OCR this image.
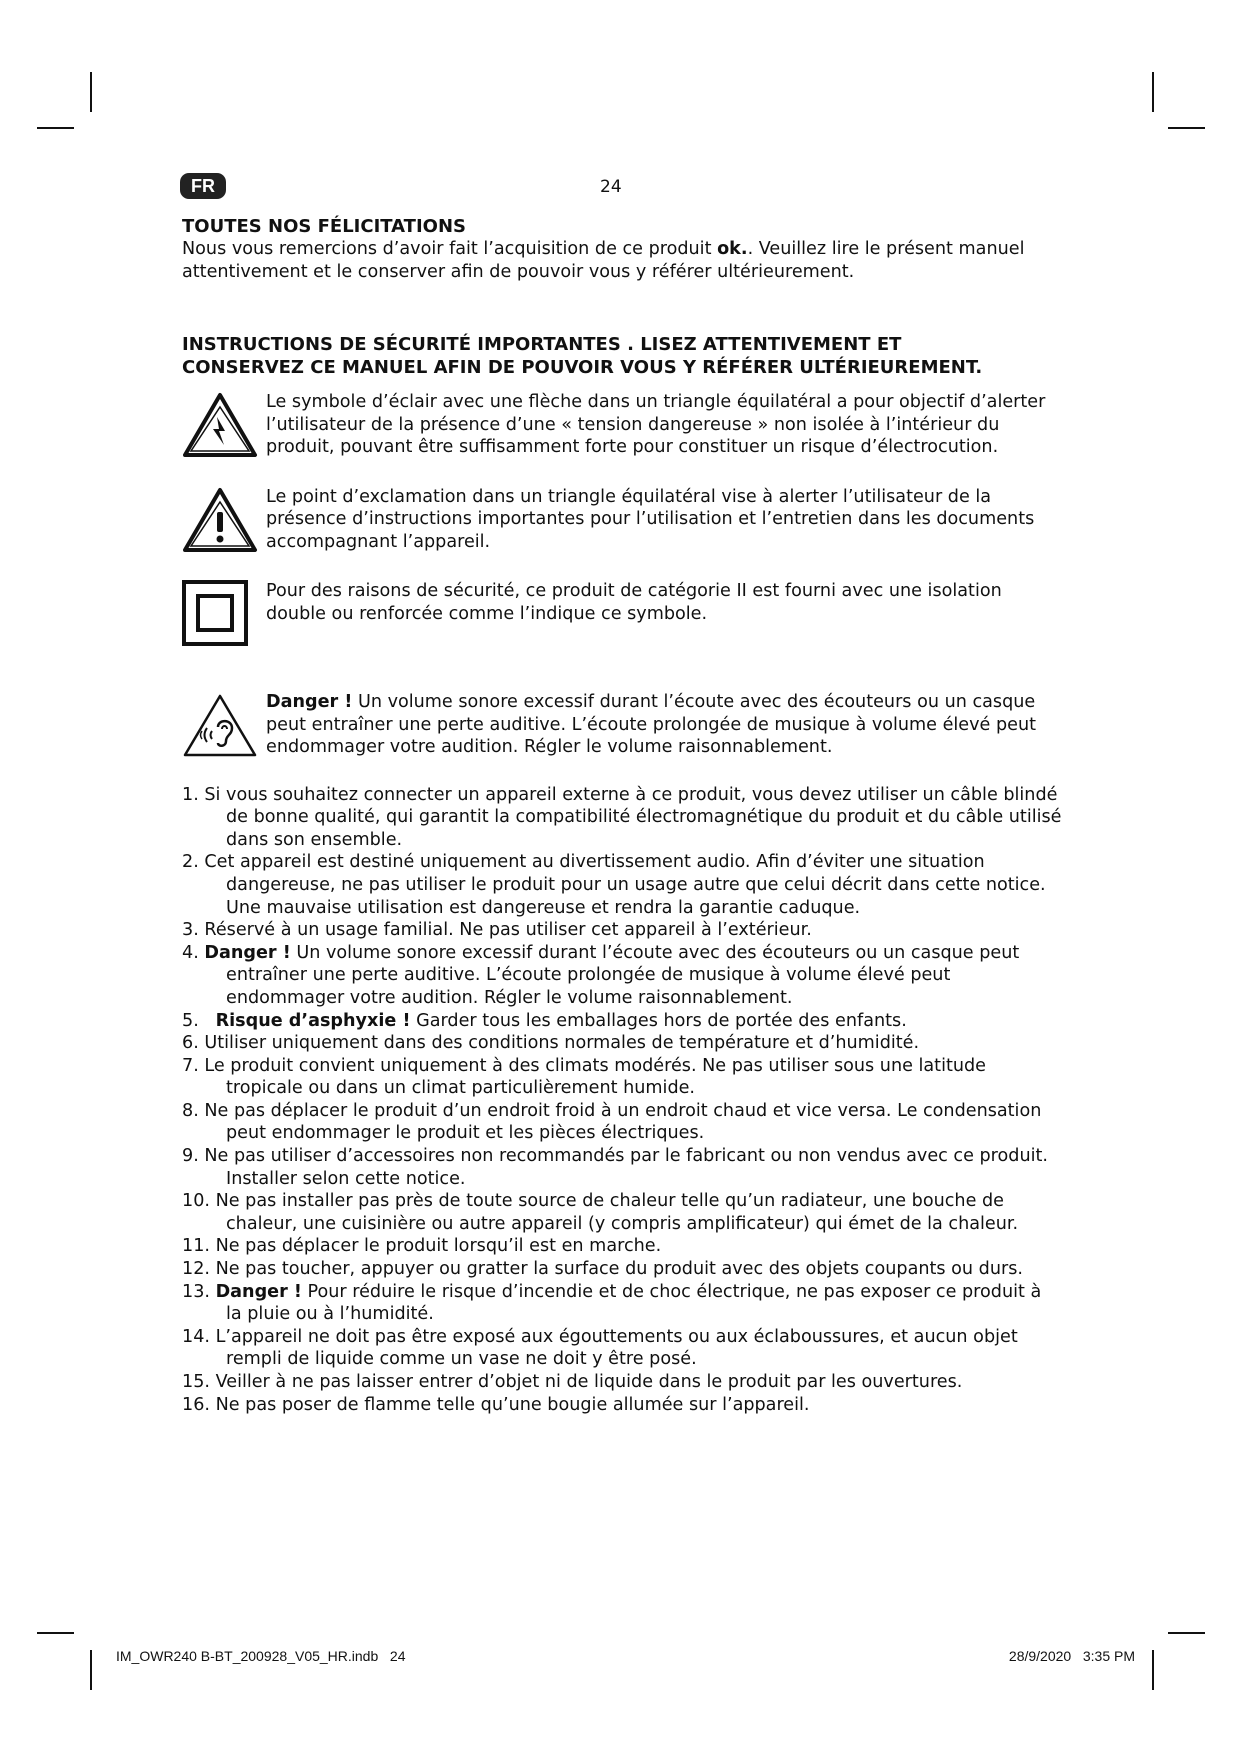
FR	24
TOUTES NOS FÉLICITATIONS

Nous vous remercions d’avoir fait l’acquisition de ce produit ok.. Veuillez lire le présent manuel attentivement et le conserver afin de pouvoir vous y référer ultérieurement.

INSTRUCTIONS DE SÉCURITÉ IMPORTANTES . LISEZ ATTENTIVEMENT ET
CONSERVEZ CE MANUEL AFIN DE POUVOIR VOUS Y RÉFÉRER ULTÉRIEUREMENT.
Le symbole d’éclair avec une flèche dans un triangle équilatéral a pour objectif d’alerter l’utilisateur de la présence d’une « tension dangereuse » non isolée à l’intérieur du produit, pouvant être suffisamment forte pour constituer un risque d’électrocution.
Le point d’exclamation dans un triangle équilatéral vise à alerter l’utilisateur de la présence d’instructions importantes pour l’utilisation et l’entretien dans les documents accompagnant l’appareil.
Pour des raisons de sécurité, ce produit de catégorie II est fourni avec une isolation double ou renforcée comme l’indique ce symbole.
Danger ! Un volume sonore excessif durant l’écoute avec des écouteurs ou un casque peut entraîner une perte auditive. L’écoute prolongée de musique à volume élevé peut endommager votre audition. Régler le volume raisonnablement.
1. Si vous souhaitez connecter un appareil externe à ce produit, vous devez utiliser un câble blindé de bonne qualité, qui garantit la compatibilité électromagnétique du produit et du câble utilisé dans son ensemble.
2. Cet appareil est destiné uniquement au divertissement audio. Afin d’éviter une situation dangereuse, ne pas utiliser le produit pour un usage autre que celui décrit dans cette notice. Une mauvaise utilisation est dangereuse et rendra la garantie caduque.
3. Réservé à un usage familial. Ne pas utiliser cet appareil à l’extérieur.
4. Danger ! Un volume sonore excessif durant l’écoute avec des écouteurs ou un casque peut entraîner une perte auditive. L’écoute prolongée de musique à volume élevé peut endommager votre audition. Régler le volume raisonnablement.
5. Risque d’asphyxie ! Garder tous les emballages hors de portée des enfants.
6. Utiliser uniquement dans des conditions normales de température et d’humidité.
7. Le produit convient uniquement à des climats modérés. Ne pas utiliser sous une latitude tropicale ou dans un climat particulièrement humide.
8. Ne pas déplacer le produit d’un endroit froid à un endroit chaud et vice versa. Le condensation peut endommager le produit et les pièces électriques.
9. Ne pas utiliser d’accessoires non recommandés par le fabricant ou non vendus avec ce produit. Installer selon cette notice.
10. Ne pas installer pas près de toute source de chaleur telle qu’un radiateur, une bouche de chaleur, une cuisinière ou autre appareil (y compris amplificateur) qui émet de la chaleur.
11. Ne pas déplacer le produit lorsqu’il est en marche.
12. Ne pas toucher, appuyer ou gratter la surface du produit avec des objets coupants ou durs.
13. Danger ! Pour réduire le risque d’incendie et de choc électrique, ne pas exposer ce produit à la pluie ou à l’humidité.
14. L’appareil ne doit pas être exposé aux égouttements ou aux éclaboussures, et aucun objet rempli de liquide comme un vase ne doit y être posé.
15. Veiller à ne pas laisser entrer d’objet ni de liquide dans le produit par les ouvertures.
16. Ne pas poser de flamme telle qu’une bougie allumée sur l’appareil.
IM_OWR240 B-BT_200928_V05_HR.indb   24	28/9/2020   3:35 PM
